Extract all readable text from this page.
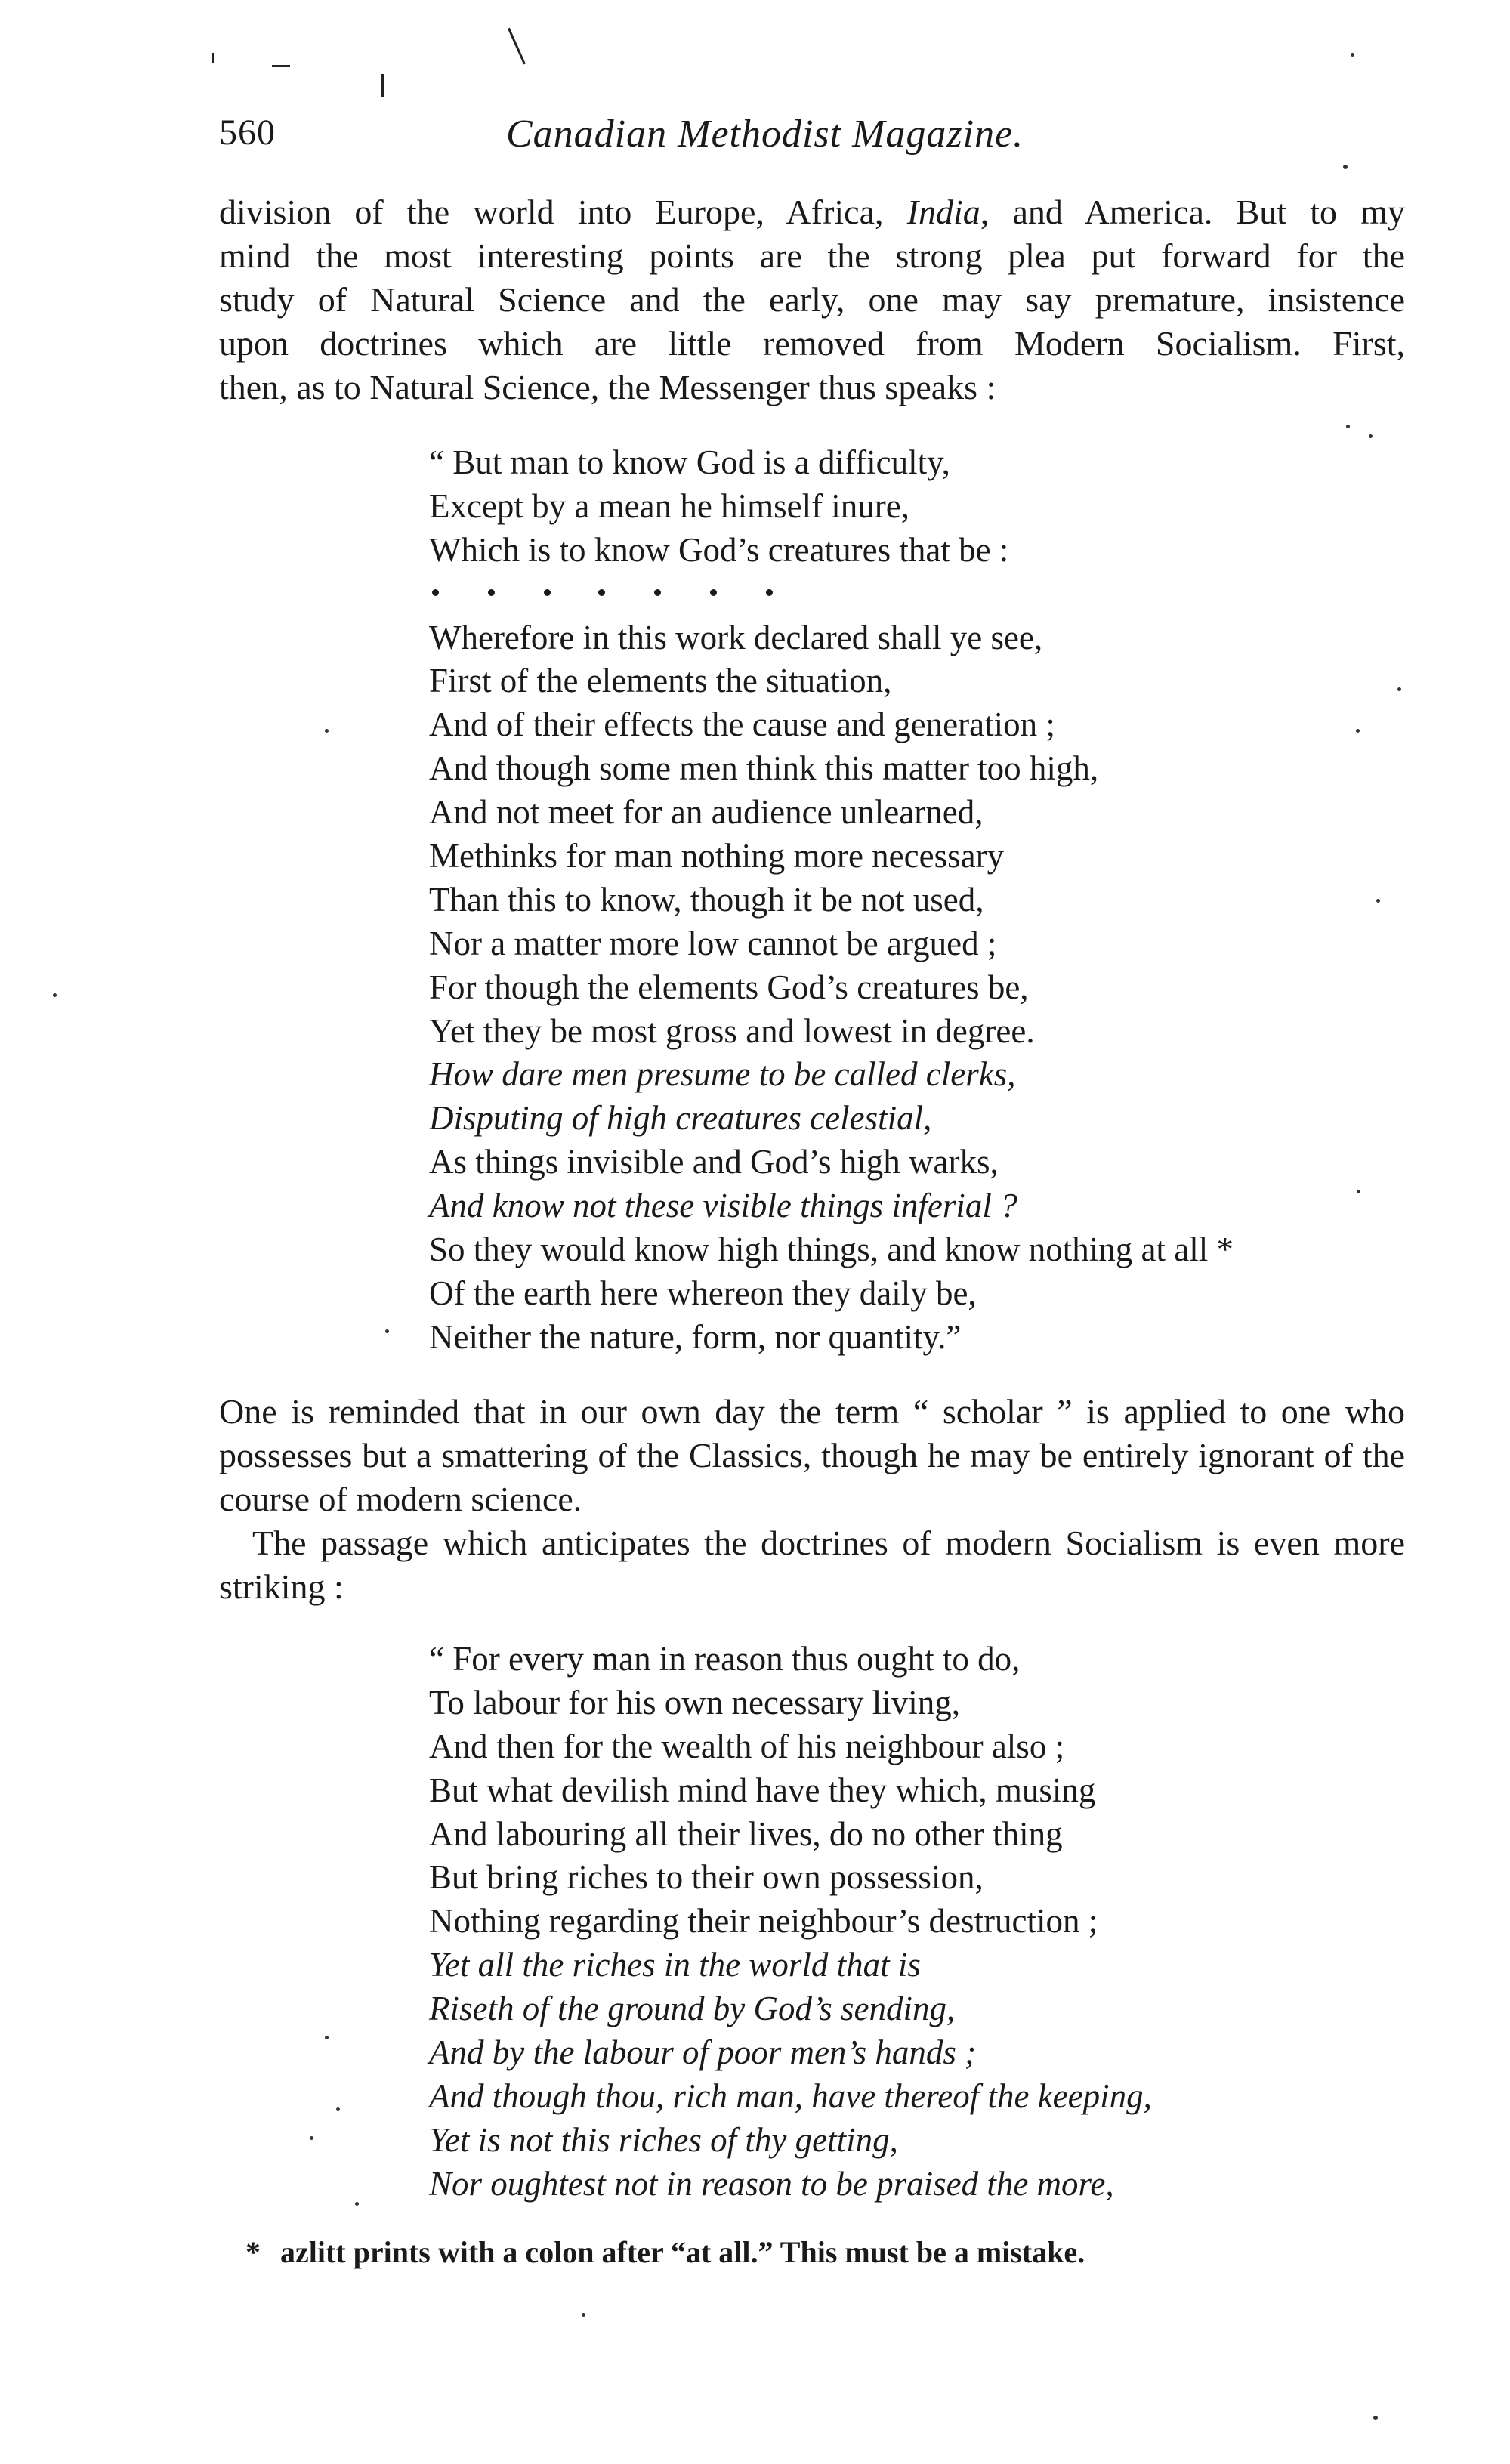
560	Canadian Methodist Magazine.

division of the world into Europe, Africa, India, and America. But to my

mind the most interesting points are the strong plea put forward for the

study of Natural Science and the early, one may say premature, insistence

upon doctrines which are little removed from Modern Socialism. First,

then, as to Natural Science, the Messenger thus speaks :

“ But man to know God is a difficulty,
Except by a mean he himself inure,
Which is to know God’s creatures that be :
Wherefore in this work declared shall ye see,
First of the elements the situation,
And of their effects the cause and generation ;
And though some men think this matter too high,
And not meet for an audience unlearned,
Methinks for man nothing more necessary
Than this to know, though it be not used,
Nor a matter more low cannot be argued ;
For though the elements God’s creatures be,
Yet they be most gross and lowest in degree.
How dare men presume to be called clerks,
Disputing of high creatures celestial,
As things invisible and God’s high warks,
And know not these visible things inferial ?
So they would know high things, and know nothing at all *
Of the earth here whereon they daily be,
Neither the nature, form, nor quantity.”

One is reminded that in our own day the term “ scholar ” is applied to one who possesses but a smattering of the Classics, though he may be entirely ignorant of the course of modern science.

The passage which anticipates the doctrines of modern Socialism is even more striking :

“ For every man in reason thus ought to do,
To labour for his own necessary living,
And then for the wealth of his neighbour also ;
But what devilish mind have they which, musing
And labouring all their lives, do no other thing
But bring riches to their own possession,
Nothing regarding their neighbour’s destruction ;
Yet all the riches in the world that is
Riseth of the ground by God’s sending,
And by the labour of poor men’s hands ;
And though thou, rich man, have thereof the keeping,
Yet is not this riches of thy getting,
Nor oughtest not in reason to be praised the more,
* azlitt prints with a colon after “at all.” This must be a mistake.
